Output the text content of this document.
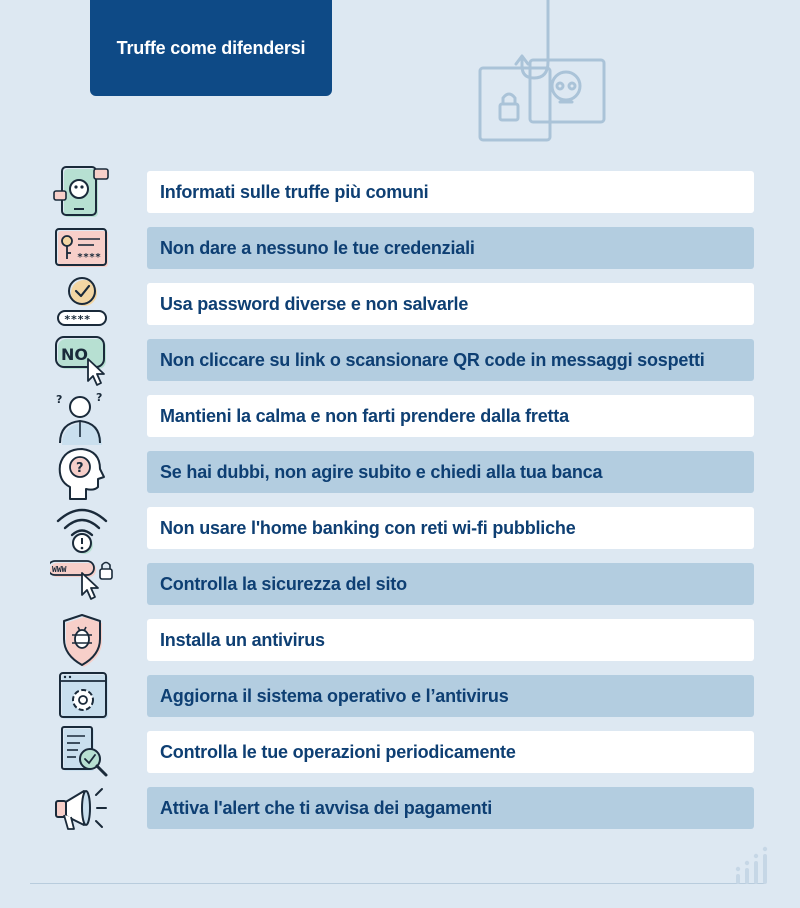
Truffe come difendersi
Informati sulle truffe più comuni
****	Non dare a nessuno le tue credenziali
****
Usa password diverse e non salvarle
NO	Non cliccare su link o scansionare QR code in messaggi sospetti
?	?
Mantieni la calma e non farti prendere dalla fretta
?	Se hai dubbi, non agire subito e chiedi alla tua banca
Non usare l'home banking con reti wi-fi pubbliche
WWW
Controlla la sicurezza del sito
Installa un antivirus
Aggiorna il sistema operativo e l’antivirus
Controlla le tue operazioni periodicamente
Attiva l'alert che ti avvisa dei pagamenti
